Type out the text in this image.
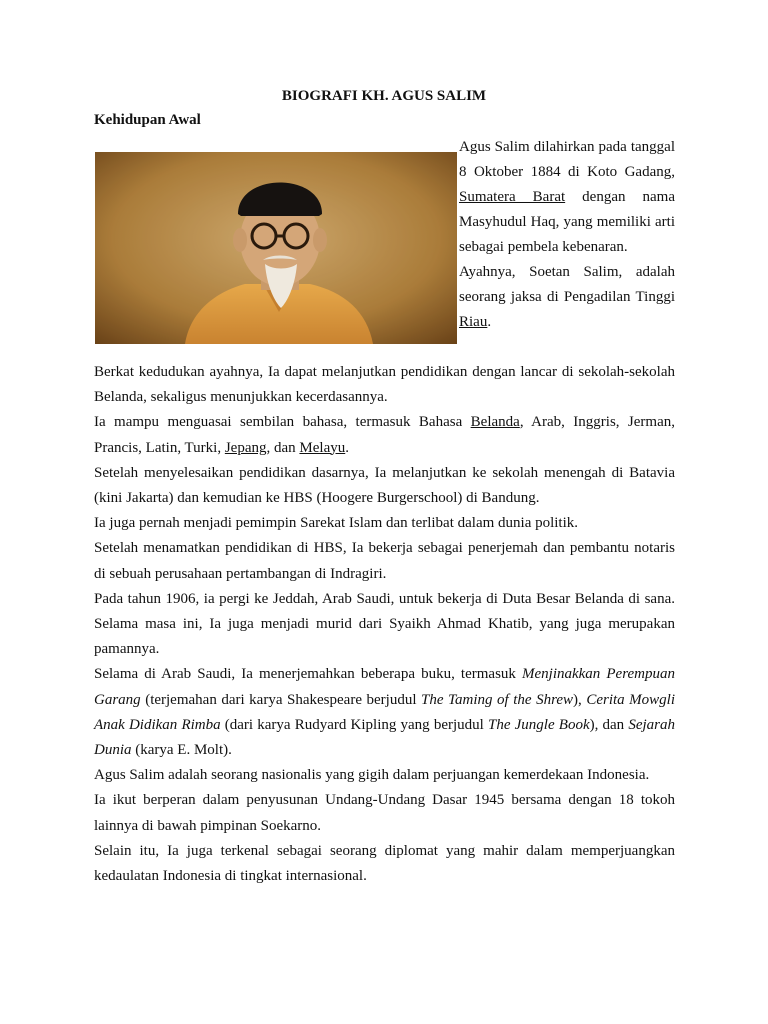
BIOGRAFI KH. AGUS SALIM
Kehidupan Awal

Agus Salim dilahirkan pada tanggal 8 Oktober 1884 di Koto Gadang, Sumatera Barat dengan nama Masyhudul Haq, yang memiliki arti sebagai pembela kebenaran.

Ayahnya, Soetan Salim, adalah seorang jaksa di Pengadilan Tinggi Riau.

Berkat kedudukan ayahnya, Ia dapat melanjutkan pendidikan dengan lancar di sekolah-sekolah Belanda, sekaligus menunjukkan kecerdasannya.

Ia mampu menguasai sembilan bahasa, termasuk Bahasa Belanda, Arab, Inggris, Jerman, Prancis, Latin, Turki, Jepang, dan Melayu.

Setelah menyelesaikan pendidikan dasarnya, Ia melanjutkan ke sekolah menengah di Batavia (kini Jakarta) dan kemudian ke HBS (Hoogere Burgerschool) di Bandung.

Ia juga pernah menjadi pemimpin Sarekat Islam dan terlibat dalam dunia politik.

Setelah menamatkan pendidikan di HBS, Ia bekerja sebagai penerjemah dan pembantu notaris di sebuah perusahaan pertambangan di Indragiri.

Pada tahun 1906, ia pergi ke Jeddah, Arab Saudi, untuk bekerja di Duta Besar Belanda di sana. Selama masa ini, Ia juga menjadi murid dari Syaikh Ahmad Khatib, yang juga merupakan pamannya.

Selama di Arab Saudi, Ia menerjemahkan beberapa buku, termasuk Menjinakkan Perempuan Garang (terjemahan dari karya Shakespeare berjudul The Taming of the Shrew), Cerita Mowgli Anak Didikan Rimba (dari karya Rudyard Kipling yang berjudul The Jungle Book), dan Sejarah Dunia (karya E. Molt).

Agus Salim adalah seorang nasionalis yang gigih dalam perjuangan kemerdekaan Indonesia.

Ia ikut berperan dalam penyusunan Undang-Undang Dasar 1945 bersama dengan 18 tokoh lainnya di bawah pimpinan Soekarno.

Selain itu, Ia juga terkenal sebagai seorang diplomat yang mahir dalam memperjuangkan kedaulatan Indonesia di tingkat internasional.
